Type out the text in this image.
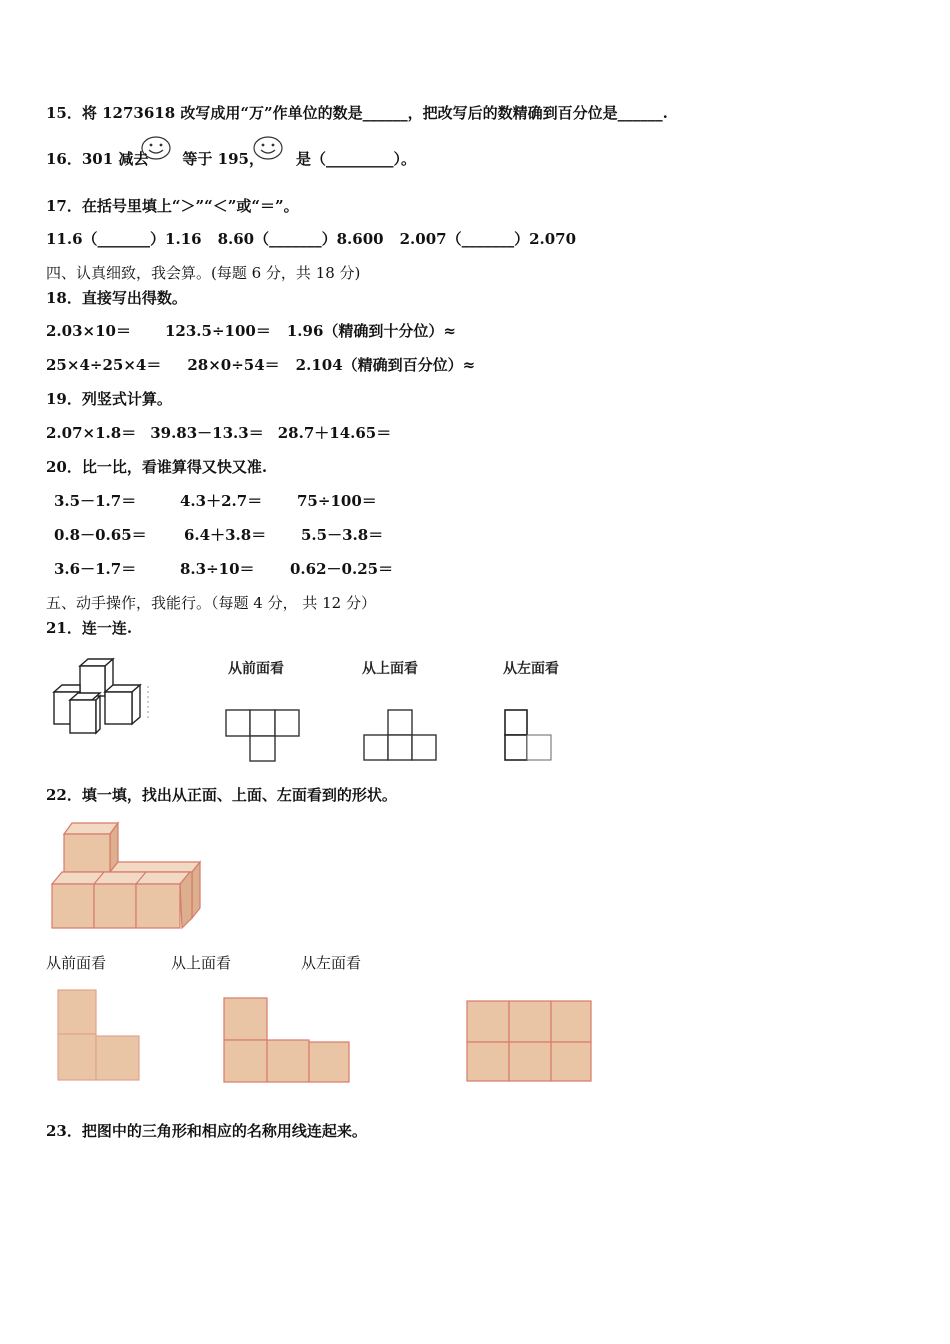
15．将 1273618 改写成用“万”作单位的数是______，把改写后的数精确到百分位是______.
16．301 减去 等于 195， 是（_________）。
17．在括号里填上“＞”“＜”或“＝”。
11.6（_______）1.16 8.60（_______）8.600 2.007（_______）2.070
四、认真细致，我会算。(每题 6 分，共 18 分)
18．直接写出得数。
2.03×10＝ 123.5÷100＝ 1.96（精确到十分位）≈
25×4÷25×4＝ 28×0÷54＝ 2.104（精确到百分位）≈
19．列竖式计算。
2.07×1.8＝ 39.83－13.3＝ 28.7＋14.65＝
20．比一比，看谁算得又快又准.
3.5－1.7＝	4.3＋2.7＝ 75÷100＝
0.8－0.65＝ 6.4＋3.8＝ 5.5－3.8＝
3.6－1.7＝	8.3÷10＝ 0.62－0.25＝
五、动手操作，我能行。（每题 4 分， 共 12 分）
21．连一连.
从前面看	从上面看	从左面看
22．填一填，找出从正面、上面、左面看到的形状。
从前面看	从上面看	从左面看
23．把图中的三角形和相应的名称用线连起来。
